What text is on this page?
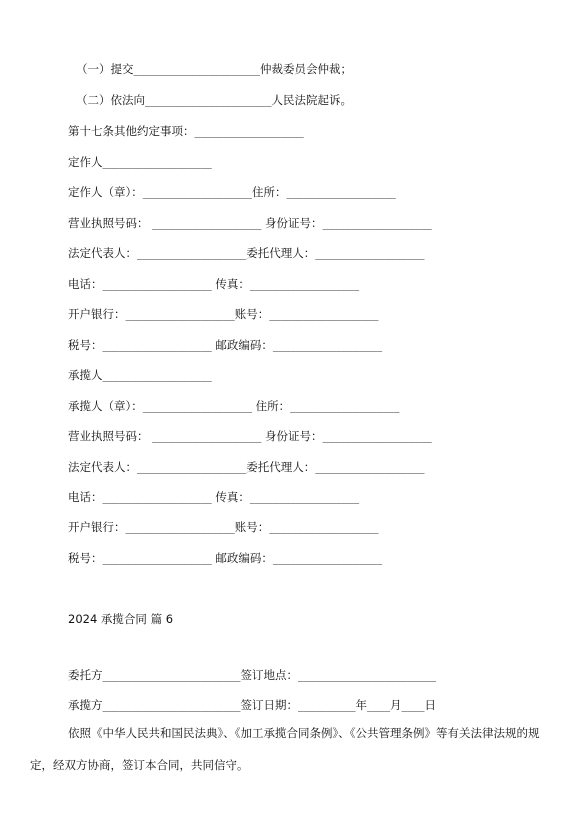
（一）提交______________________仲裁委员会仲裁；
（二）依法向______________________人民法院起诉。
第十七条其他约定事项：___________________
定作人___________________
定作人（章）：___________________住所：___________________
营业执照号码： ___________________ 身份证号：___________________
法定代表人：___________________委托代理人：___________________
电话：___________________ 传真：___________________
开户银行：___________________账号：___________________
税号：___________________ 邮政编码：___________________
承揽人___________________
承揽人（章）：___________________ 住所：___________________
营业执照号码： ___________________ 身份证号：___________________
法定代表人：___________________委托代理人：___________________
电话：___________________ 传真：___________________
开户银行：___________________账号：___________________
税号：___________________ 邮政编码：___________________
2024 承揽合同 篇 6
委托方________________________签订地点：________________________
承揽方________________________签订日期：__________年____月____日
依照《中华人民共和国民法典》、《加工承揽合同条例》、《公共管理条例》等有关法律法规的规定，经双方协商，签订本合同，共同信守。
